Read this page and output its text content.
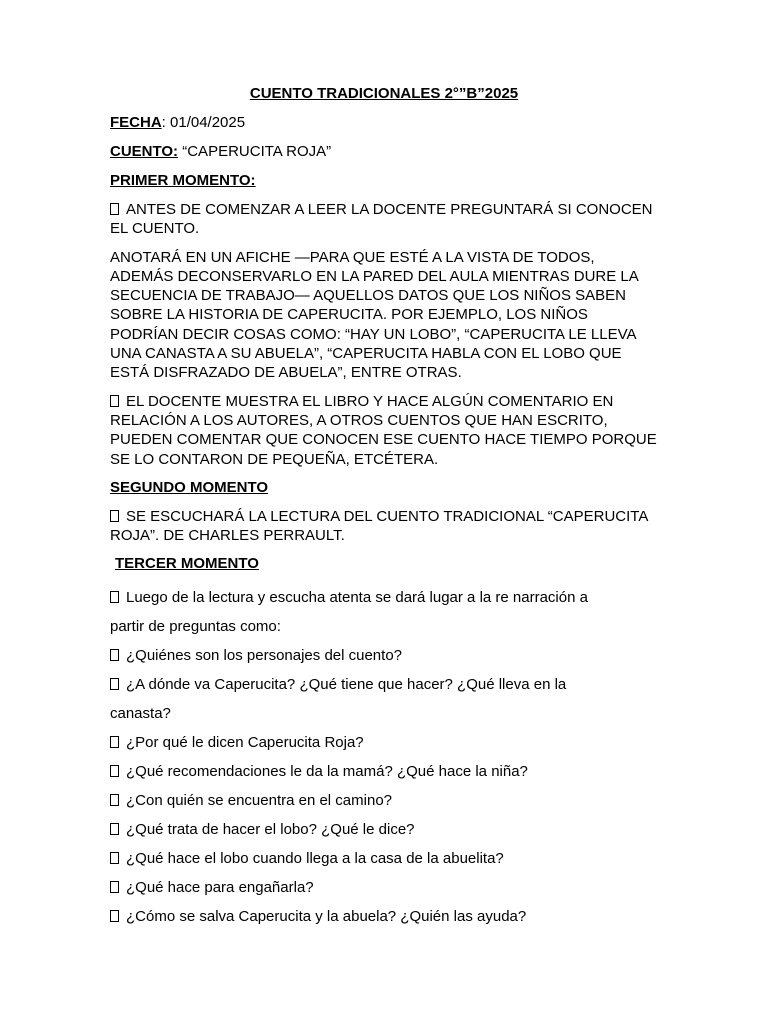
CUENTO TRADICIONALES 2°”B”2025

FECHA: 01/04/2025

CUENTO: “CAPERUCITA ROJA”

PRIMER MOMENTO:

ANTES DE COMENZAR A LEER LA DOCENTE PREGUNTARÁ SI CONOCEN EL CUENTO.

ANOTARÁ EN UN AFICHE —PARA QUE ESTÉ A LA VISTA DE TODOS, ADEMÁS DECONSERVARLO EN LA PARED DEL AULA MIENTRAS DURE LA SECUENCIA DE TRABAJO— AQUELLOS DATOS QUE LOS NIÑOS SABEN SOBRE LA HISTORIA DE CAPERUCITA. POR EJEMPLO, LOS NIÑOS PODRÍAN DECIR COSAS COMO: “HAY UN LOBO”, “CAPERUCITA LE LLEVA UNA CANASTA A SU ABUELA”, “CAPERUCITA HABLA CON EL LOBO QUE ESTÁ DISFRAZADO DE ABUELA”, ENTRE OTRAS.

EL DOCENTE MUESTRA EL LIBRO Y HACE ALGÚN COMENTARIO EN RELACIÓN A LOS AUTORES, A OTROS CUENTOS QUE HAN ESCRITO, PUEDEN COMENTAR QUE CONOCEN ESE CUENTO HACE TIEMPO PORQUE SE LO CONTARON DE PEQUEÑA, ETCÉTERA.

SEGUNDO MOMENTO

SE ESCUCHARÁ LA LECTURA DEL CUENTO TRADICIONAL “CAPERUCITA ROJA”. DE CHARLES PERRAULT.

TERCER MOMENTO

Luego de la lectura y escucha atenta se dará lugar a la re narración a

partir de preguntas como:

¿Quiénes son los personajes del cuento?

¿A dónde va Caperucita? ¿Qué tiene que hacer? ¿Qué lleva en la

canasta?

¿Por qué le dicen Caperucita Roja?

¿Qué recomendaciones le da la mamá? ¿Qué hace la niña?

¿Con quién se encuentra en el camino?

¿Qué trata de hacer el lobo? ¿Qué le dice?

¿Qué hace el lobo cuando llega a la casa de la abuelita?

¿Qué hace para engañarla?

¿Cómo se salva Caperucita y la abuela? ¿Quién las ayuda?
